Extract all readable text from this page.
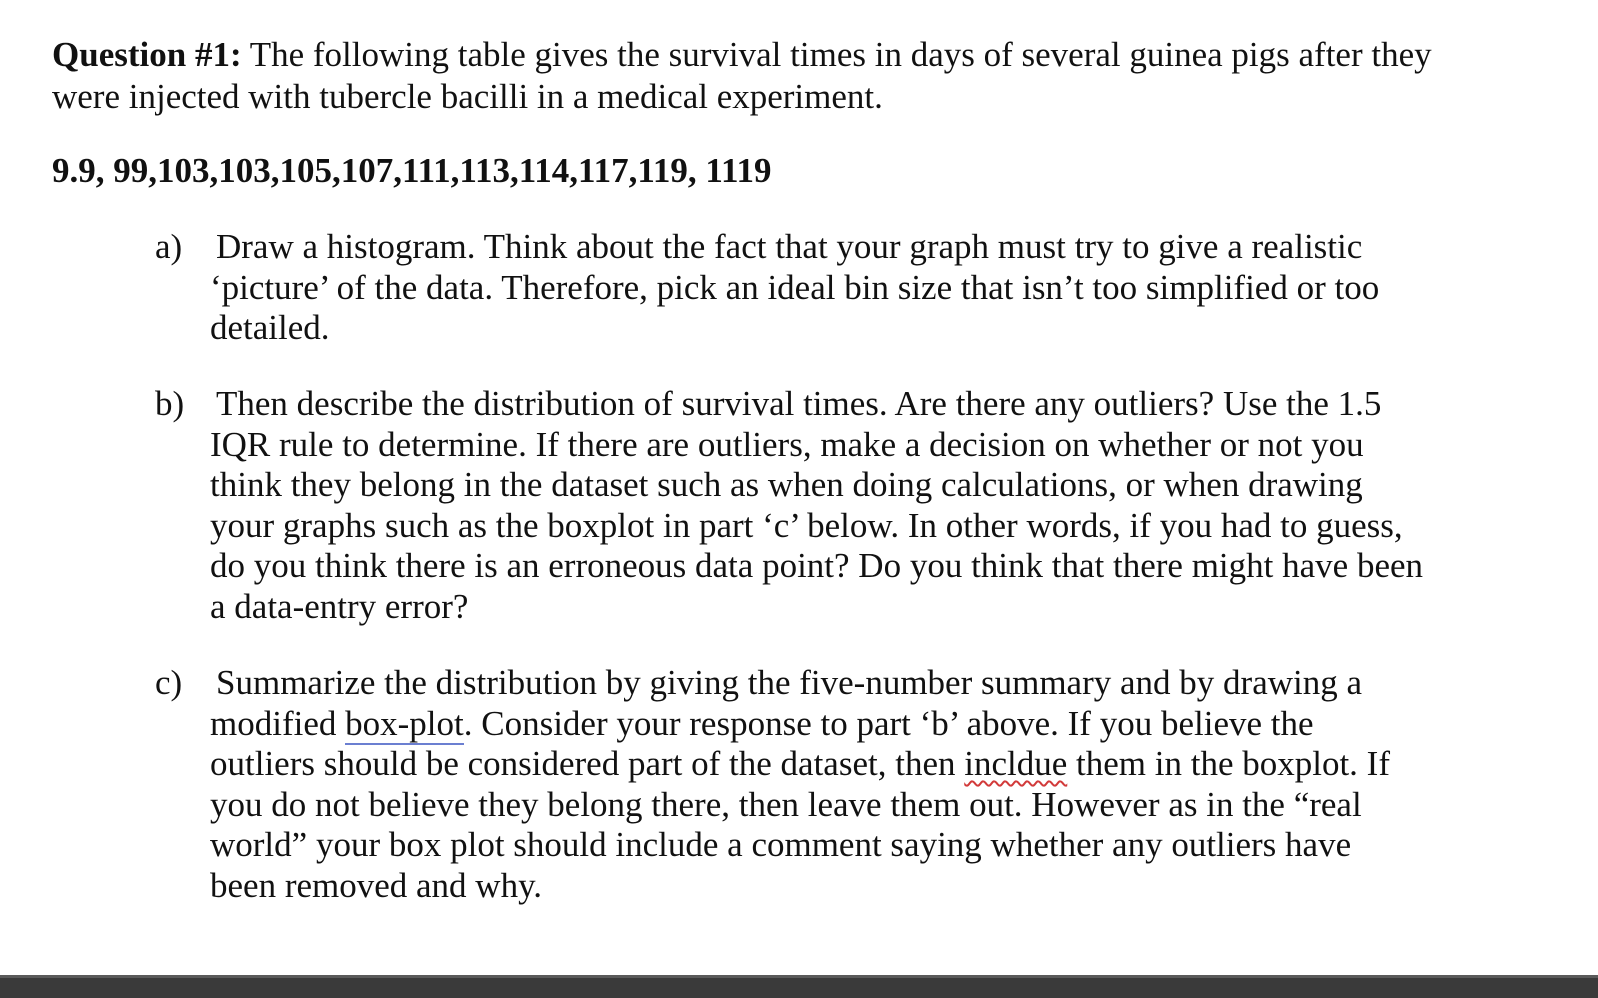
Question #1: The following table gives the survival times in days of several guinea pigs after they were injected with tubercle bacilli in a medical experiment.

9.9, 99,103,103,105,107,111,113,114,117,119, 1119

a) Draw a histogram. Think about the fact that your graph must try to give a realistic ‘picture’ of the data. Therefore, pick an ideal bin size that isn’t too simplified or too detailed.
b) Then describe the distribution of survival times. Are there any outliers? Use the 1.5 IQR rule to determine. If there are outliers, make a decision on whether or not you think they belong in the dataset such as when doing calculations, or when drawing your graphs such as the boxplot in part ‘c’ below. In other words, if you had to guess, do you think there is an erroneous data point? Do you think that there might have been a data-entry error?
c) Summarize the distribution by giving the five-number summary and by drawing a modified box-plot. Consider your response to part ‘b’ above. If you believe the outliers should be considered part of the dataset, then incldue them in the boxplot. If you do not believe they belong there, then leave them out. However as in the “real world” your box plot should include a comment saying whether any outliers have been removed and why.
